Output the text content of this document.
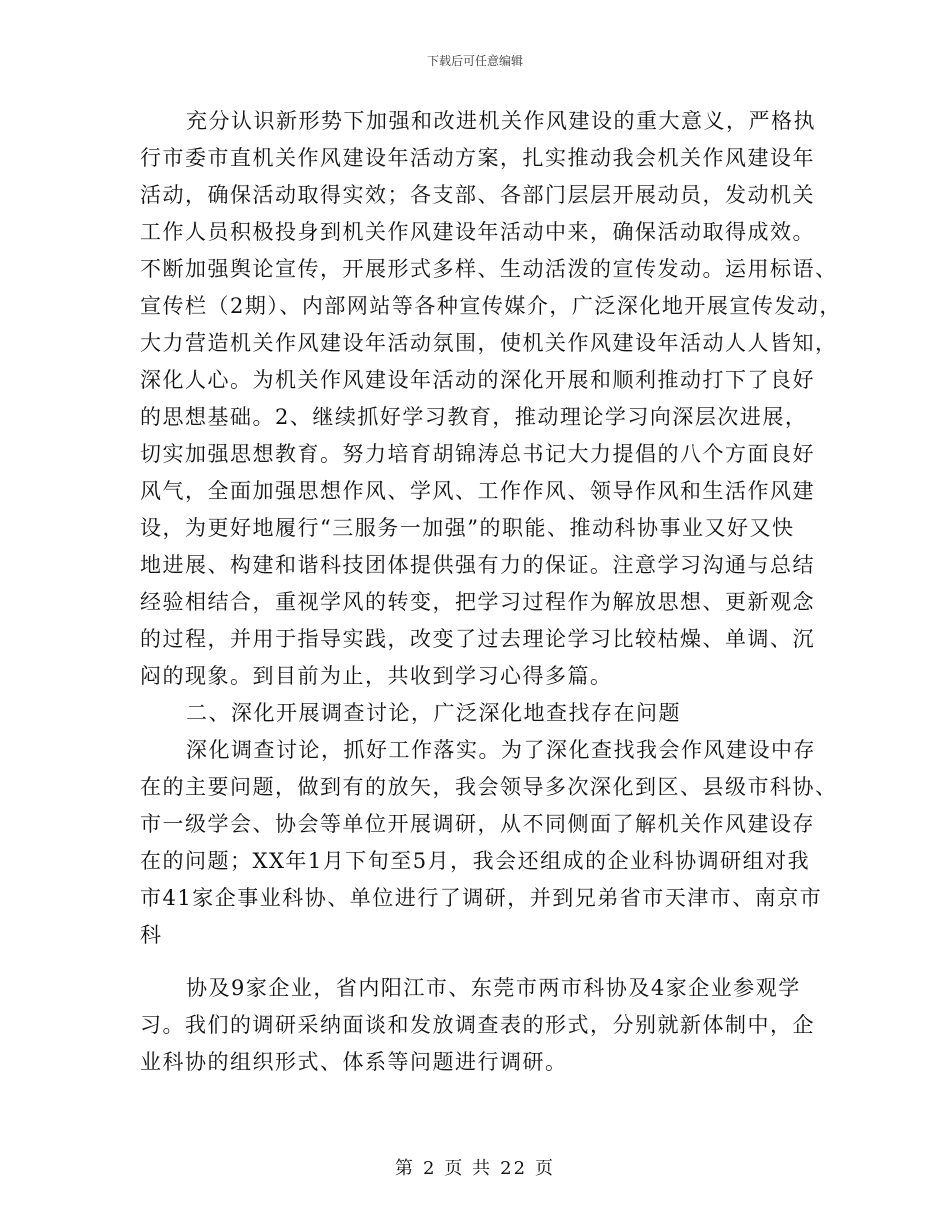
下载后可任意编辑
充分认识新形势下加强和改进机关作风建设的重大意义，严格执
行市委市直机关作风建设年活动方案，扎实推动我会机关作风建设年
活动，确保活动取得实效；各支部、各部门层层开展动员，发动机关
工作人员积极投身到机关作风建设年活动中来，确保活动取得成效。
不断加强舆论宣传，开展形式多样、生动活泼的宣传发动。运用标语、
宣传栏（2期）、内部网站等各种宣传媒介，广泛深化地开展宣传发动，
大力营造机关作风建设年活动氛围，使机关作风建设年活动人人皆知，
深化人心。为机关作风建设年活动的深化开展和顺利推动打下了良好
的思想基础。2、继续抓好学习教育，推动理论学习向深层次进展，
切实加强思想教育。努力培育胡锦涛总书记大力提倡的八个方面良好
风气，全面加强思想作风、学风、工作作风、领导作风和生活作风建
设，为更好地履行“三服务一加强”的职能、推动科协事业又好又快
地进展、构建和谐科技团体提供强有力的保证。注意学习沟通与总结
经验相结合，重视学风的转变，把学习过程作为解放思想、更新观念
的过程，并用于指导实践，改变了过去理论学习比较枯燥、单调、沉
闷的现象。到目前为止，共收到学习心得多篇。
二、深化开展调查讨论，广泛深化地查找存在问题
深化调查讨论，抓好工作落实。为了深化查找我会作风建设中存
在的主要问题，做到有的放矢，我会领导多次深化到区、县级市科协、
市一级学会、协会等单位开展调研，从不同侧面了解机关作风建设存
在的问题；XX年1月下旬至5月，我会还组成的企业科协调研组对我
市41家企事业科协、单位进行了调研，并到兄弟省市天津市、南京市
科
协及9家企业，省内阳江市、东莞市两市科协及4家企业参观学
习。我们的调研采纳面谈和发放调查表的形式，分别就新体制中，企
业科协的组织形式、体系等问题进行调研。
第 2 页 共 22 页
